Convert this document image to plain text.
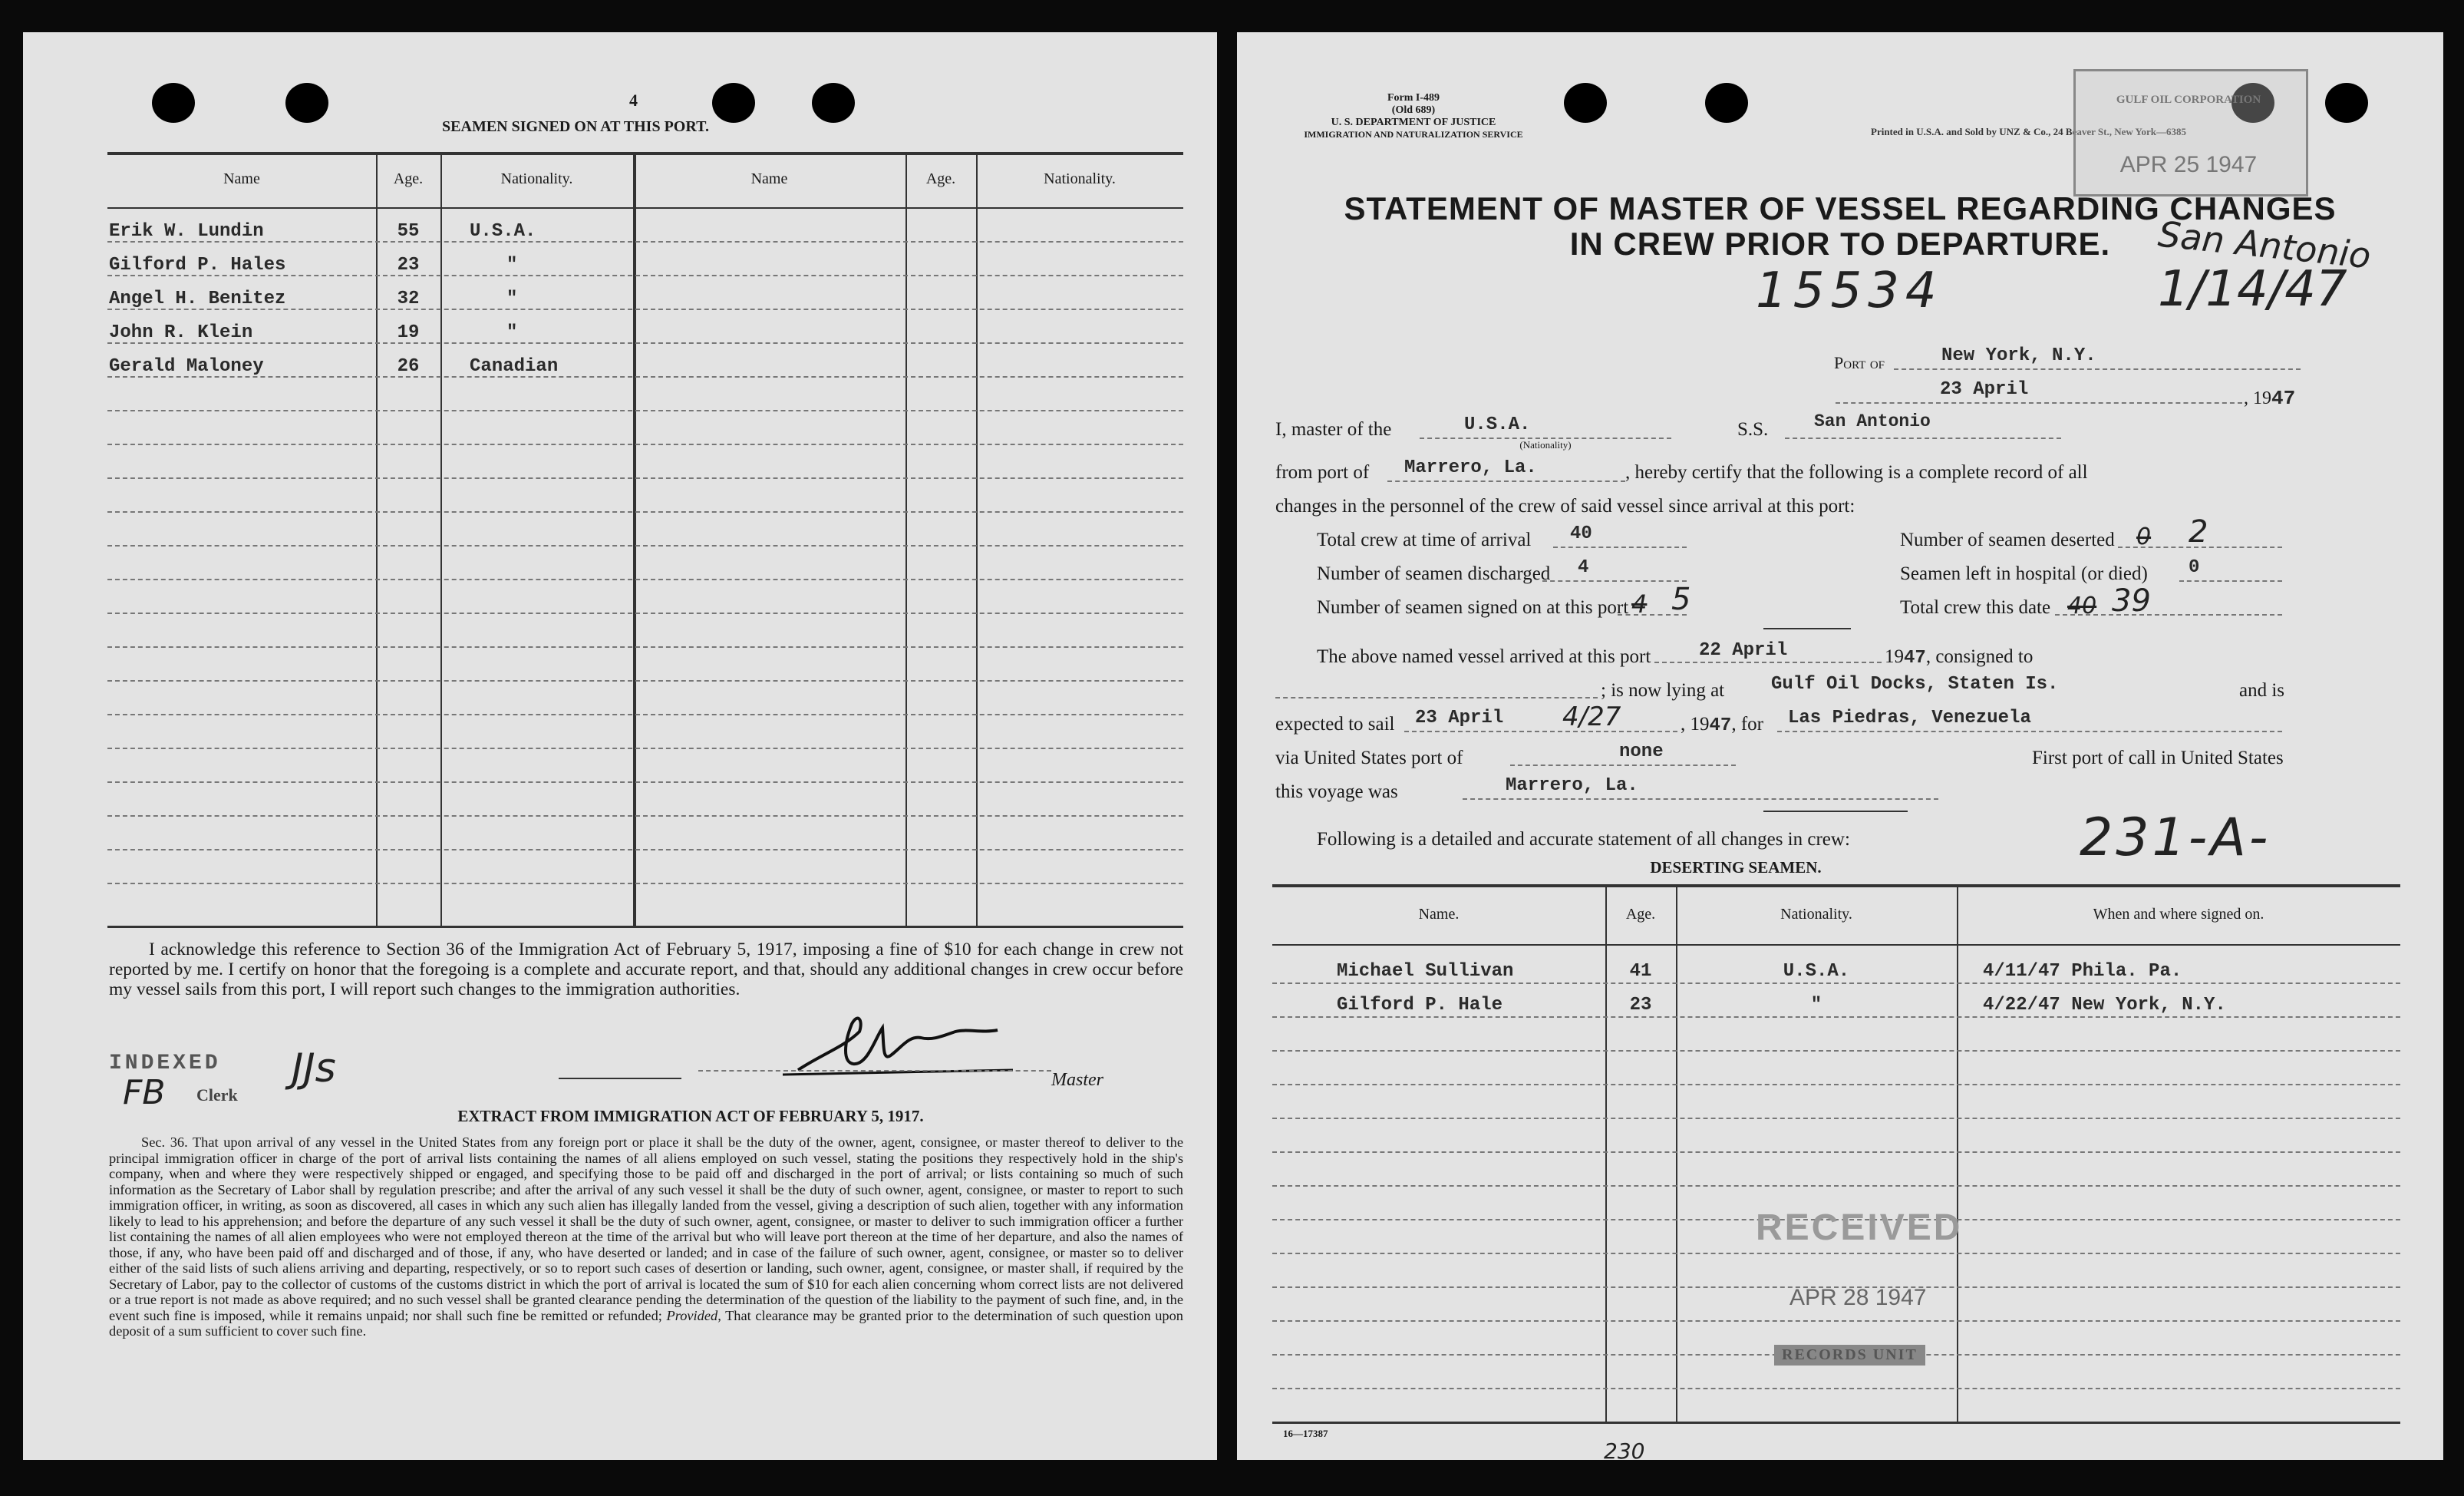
4
SEAMEN SIGNED ON AT THIS PORT.
Name	Age.	Nationality.	Name	Age.	Nationality.
Erik W. Lundin	55	U.S.A.
Gilford P. Hales	23	"
Angel H. Benitez	32	"
John R. Klein	19	"
Gerald Maloney	26	Canadian
I acknowledge this reference to Section 36 of the Immigration Act of February 5, 1917, imposing a fine of $10 for each change in crew not reported by me. I certify on honor that the foregoing is a complete and accurate report, and that, should any additional changes in crew occur before my vessel sails from this port, I will report such changes to the immigration authorities.
Master
INDEXED
FB Clerk
JJs
EXTRACT FROM IMMIGRATION ACT OF FEBRUARY 5, 1917.
Sec. 36. That upon arrival of any vessel in the United States from any foreign port or place it shall be the duty of the owner, agent, consignee, or master thereof to deliver to the principal immigration officer in charge of the port of arrival lists containing the names of all aliens employed on such vessel, stating the positions they respectively hold in the ship's company, when and where they were respectively shipped or engaged, and specifying those to be paid off and discharged in the port of arrival; or lists containing so much of such information as the Secretary of Labor shall by regulation prescribe; and after the arrival of any such vessel it shall be the duty of such owner, agent, consignee, or master to report to such immigration officer, in writing, as soon as discovered, all cases in which any such alien has illegally landed from the vessel, giving a description of such alien, together with any information likely to lead to his apprehension; and before the departure of any such vessel it shall be the duty of such owner, agent, consignee, or master to deliver to such immigration officer a further list containing the names of all alien employees who were not employed thereon at the time of the arrival but who will leave port thereon at the time of her departure, and also the names of those, if any, who have been paid off and discharged and of those, if any, who have deserted or landed; and in case of the failure of such owner, agent, consignee, or master so to deliver either of the said lists of such aliens arriving and departing, respectively, or so to report such cases of desertion or landing, such owner, agent, consignee, or master shall, if required by the Secretary of Labor, pay to the collector of customs of the customs district in which the port of arrival is located the sum of $10 for each alien concerning whom correct lists are not delivered or a true report is not made as above required; and no such vessel shall be granted clearance pending the determination of the question of the liability to the payment of such fine, and, in the event such fine is imposed, while it remains unpaid; nor shall such fine be remitted or refunded; Provided, That clearance may be granted prior to the determination of such question upon deposit of a sum sufficient to cover such fine.
Form I-489
(Old 689)
U. S. DEPARTMENT OF JUSTICE
IMMIGRATION AND NATURALIZATION SERVICE	Printed in U.S.A. and Sold by UNZ & Co., 24 Beaver St., New York—6385
GULF OIL CORPORATION
APR 25 1947
STATEMENT OF MASTER OF VESSEL REGARDING CHANGES
IN CREW PRIOR TO DEPARTURE.	San Antonio
15534	1/14/47
Port of	New York, N.Y.
23 April	, 1947
I, master of the	U.S.A.
(Nationality)
S.S.	San Antonio
from port of Marrero, La.	, hereby certify that the following is a complete record of all
changes in the personnel of the crew of said vessel since arrival at this port:
Total crew at time of arrival 40	Number of seamen deserted 0 2
Number of seamen discharged 4	Seamen left in hospital (or died) 0
Number of seamen signed on at this port 4 5	Total crew this date 40 39
The above named vessel arrived at this port	22 April	1947, consigned to
; is now lying at	Gulf Oil Docks, Staten Is.	and is
expected to sail 23 April 4/27	, 1947, for Las Piedras, Venezuela
via United States port of	none	First port of call in United States
this voyage was	Marrero, La.
Following is a detailed and accurate statement of all changes in crew:	231-A-
DESERTING SEAMEN.
Name.	Age.	Nationality.	When and where signed on.
Michael Sullivan	41	U.S.A.	4/11/47 Phila. Pa.
Gilford P. Hale	23	"	4/22/47 New York, N.Y.
RECEIVED
APR 28 1947
RECORDS UNIT
16—17387
230
